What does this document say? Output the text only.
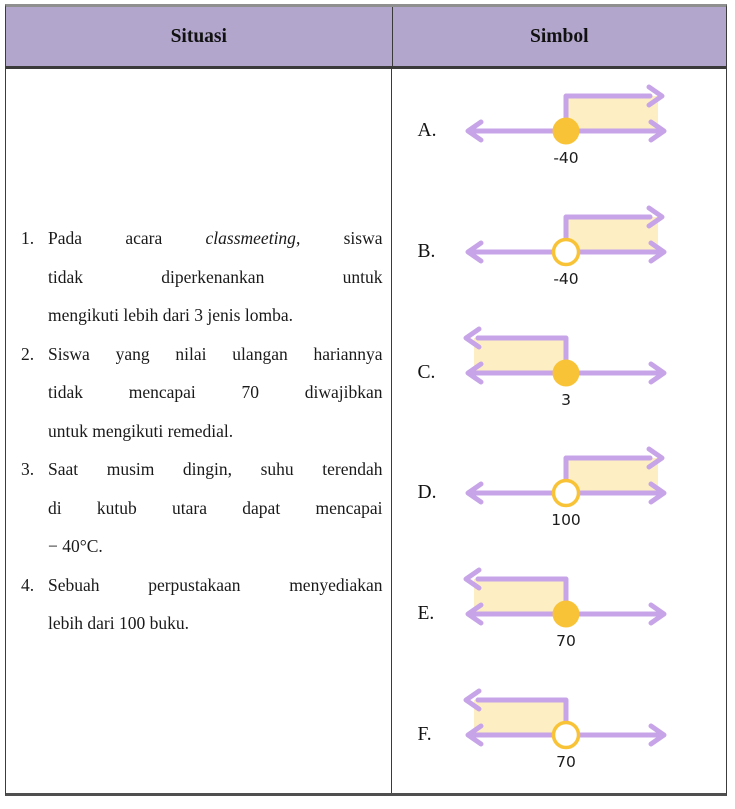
Situasi	Simbol
1. Pada acara classmeeting, siswa
tidak diperkenankan untuk
mengikuti lebih dari 3 jenis lomba.
2. Siswa yang nilai ulangan hariannya
tidak mencapai 70 diwajibkan
untuk mengikuti remedial.
3. Saat musim dingin, suhu terendah
di kutub utara dapat mencapai
− 40°C.
4. Sebuah perpustakaan menyediakan
lebih dari 100 buku.
A.
-40
B.
-40
C.
3
D.
100
E.
70
F.
70
